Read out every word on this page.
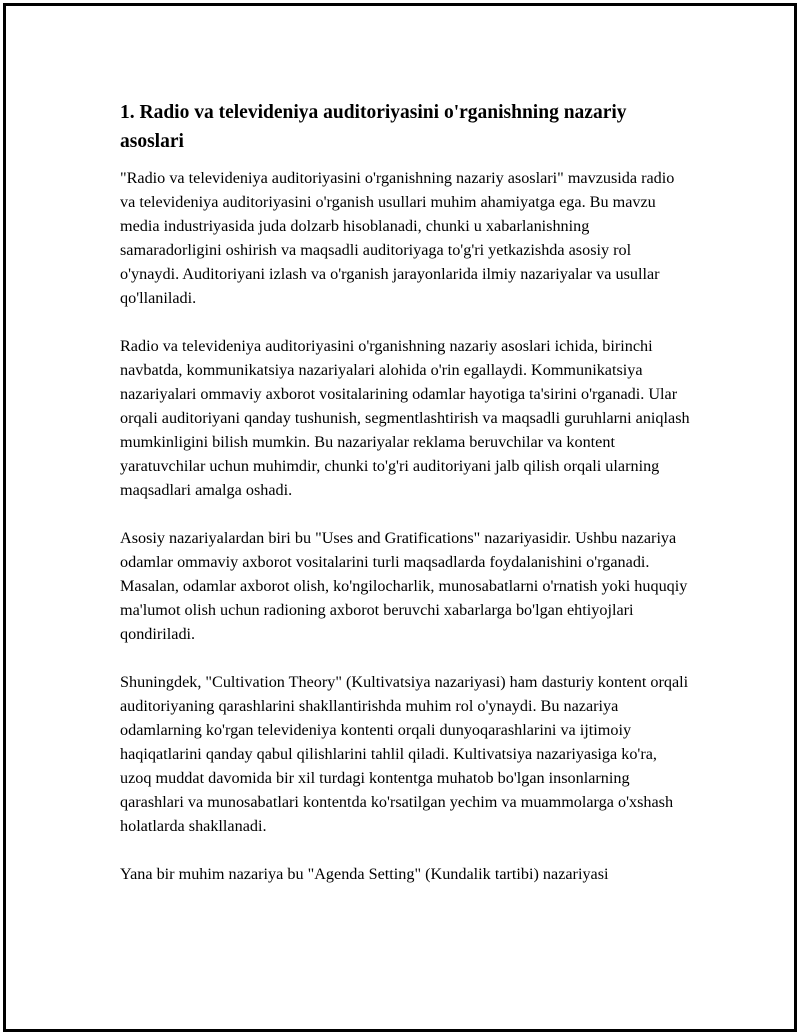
1. Radio va televideniya auditoriyasini o'rganishning nazariy asoslari

"Radio va televideniya auditoriyasini o'rganishning nazariy asoslari" mavzusida radio va televideniya auditoriyasini o'rganish usullari muhim ahamiyatga ega. Bu mavzu media industriyasida juda dolzarb hisoblanadi, chunki u xabarlanishning samaradorligini oshirish va maqsadli auditoriyaga to'g'ri yetkazishda asosiy rol o'ynaydi. Auditoriyani izlash va o'rganish jarayonlarida ilmiy nazariyalar va usullar qo'llaniladi.

Radio va televideniya auditoriyasini o'rganishning nazariy asoslari ichida, birinchi navbatda, kommunikatsiya nazariyalari alohida o'rin egallaydi. Kommunikatsiya nazariyalari ommaviy axborot vositalarining odamlar hayotiga ta'sirini o'rganadi. Ular orqali auditoriyani qanday tushunish, segmentlashtirish va maqsadli guruhlarni aniqlash mumkinligini bilish mumkin. Bu nazariyalar reklama beruvchilar va kontent yaratuvchilar uchun muhimdir, chunki to'g'ri auditoriyani jalb qilish orqali ularning maqsadlari amalga oshadi.

Asosiy nazariyalardan biri bu "Uses and Gratifications" nazariyasidir. Ushbu nazariya odamlar ommaviy axborot vositalarini turli maqsadlarda foydalanishini o'rganadi. Masalan, odamlar axborot olish, ko'ngilocharlik, munosabatlarni o'rnatish yoki huquqiy ma'lumot olish uchun radioning axborot beruvchi xabarlarga bo'lgan ehtiyojlari qondiriladi.

Shuningdek, "Cultivation Theory" (Kultivatsiya nazariyasi) ham dasturiy kontent orqali auditoriyaning qarashlarini shakllantirishda muhim rol o'ynaydi. Bu nazariya odamlarning ko'rgan televideniya kontenti orqali dunyoqarashlarini va ijtimoiy haqiqatlarini qanday qabul qilishlarini tahlil qiladi. Kultivatsiya nazariyasiga ko'ra, uzoq muddat davomida bir xil turdagi kontentga muhatob bo'lgan insonlarning qarashlari va munosabatlari kontentda ko'rsatilgan yechim va muammolarga o'xshash holatlarda shakllanadi.

Yana bir muhim nazariya bu "Agenda Setting" (Kundalik tartibi) nazariyasi
